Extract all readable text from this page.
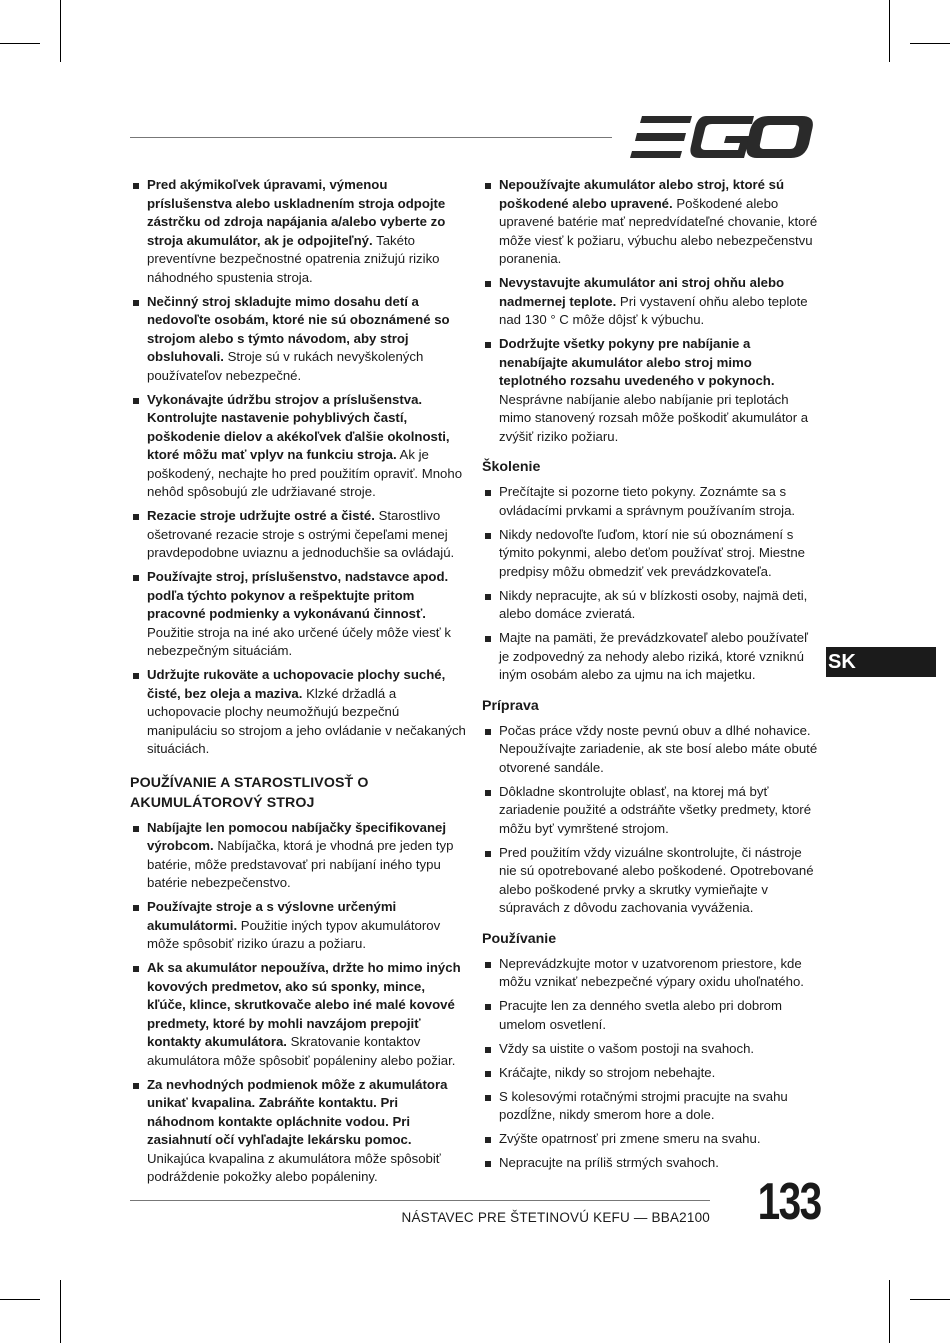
Pred akýmikoľvek úpravami, výmenou príslušenstva alebo uskladnením stroja odpojte zástrčku od zdroja napájania a/alebo vyberte zo stroja akumulátor, ak je odpojiteľný. Takéto preventívne bezpečnostné opatrenia znižujú riziko náhodného spustenia stroja.
Nečinný stroj skladujte mimo dosahu detí a nedovoľte osobám, ktoré nie sú oboznámené so strojom alebo s týmto návodom, aby stroj obsluhovali. Stroje sú v rukách nevyškolených používateľov nebezpečné.
Vykonávajte údržbu strojov a príslušenstva. Kontrolujte nastavenie pohyblivých častí, poškodenie dielov a akékoľvek ďalšie okolnosti, ktoré môžu mať vplyv na funkciu stroja. Ak je poškodený, nechajte ho pred použitím opraviť. Mnoho nehôd spôsobujú zle udržiavané stroje.
Rezacie stroje udržujte ostré a čisté. Starostlivo ošetrované rezacie stroje s ostrými čepeľami menej pravdepodobne uviaznu a jednoduchšie sa ovládajú.
Používajte stroj, príslušenstvo, nadstavce apod. podľa týchto pokynov a rešpektujte pritom pracovné podmienky a vykonávanú činnosť. Použitie stroja na iné ako určené účely môže viesť k nebezpečným situáciám.
Udržujte rukoväte a uchopovacie plochy suché, čisté, bez oleja a maziva. Klzké držadlá a uchopovacie plochy neumožňujú bezpečnú manipuláciu so strojom a jeho ovládanie v nečakaných situáciách.
POUŽÍVANIE A STAROSTLIVOSŤ O AKUMULÁTOROVÝ STROJ
Nabíjajte len pomocou nabíjačky špecifikovanej výrobcom. Nabíjačka, ktorá je vhodná pre jeden typ batérie, môže predstavovať pri nabíjaní iného typu batérie nebezpečenstvo.
Používajte stroje a s výslovne určenými akumulátormi. Použitie iných typov akumulátorov môže spôsobiť riziko úrazu a požiaru.
Ak sa akumulátor nepoužíva, držte ho mimo iných kovových predmetov, ako sú sponky, mince, kľúče, klince, skrutkovače alebo iné malé kovové predmety, ktoré by mohli navzájom prepojiť kontakty akumulátora. Skratovanie kontaktov akumulátora môže spôsobiť popáleniny alebo požiar.
Za nevhodných podmienok môže z akumulátora unikať kvapalina. Zabráňte kontaktu. Pri náhodnom kontakte opláchnite vodou. Pri zasiahnutí očí vyhľadajte lekársku pomoc. Unikajúca kvapalina z akumulátora môže spôsobiť podráždenie pokožky alebo popáleniny.
Nepoužívajte akumulátor alebo stroj, ktoré sú poškodené alebo upravené. Poškodené alebo upravené batérie mať nepredvídateľné chovanie, ktoré môže viesť k požiaru, výbuchu alebo nebezpečenstvu poranenia.
Nevystavujte akumulátor ani stroj ohňu alebo nadmernej teplote. Pri vystavení ohňu alebo teplote nad 130 ° C môže dôjsť k výbuchu.
Dodržujte všetky pokyny pre nabíjanie a nenabíjajte akumulátor alebo stroj mimo teplotného rozsahu uvedeného v pokynoch. Nesprávne nabíjanie alebo nabíjanie pri teplotách mimo stanovený rozsah môže poškodiť akumulátor a zvýšiť riziko požiaru.
Školenie
Prečítajte si pozorne tieto pokyny. Zoznámte sa s ovládacími prvkami a správnym používaním stroja.
Nikdy nedovoľte ľuďom, ktorí nie sú oboznámení s týmito pokynmi, alebo deťom používať stroj. Miestne predpisy môžu obmedziť vek prevádzkovateľa.
Nikdy nepracujte, ak sú v blízkosti osoby, najmä deti, alebo domáce zvieratá.
Majte na pamäti, že prevádzkovateľ alebo používateľ je zodpovedný za nehody alebo riziká, ktoré vzniknú iným osobám alebo za ujmu na ich majetku.
Príprava
Počas práce vždy noste pevnú obuv a dlhé nohavice. Nepoužívajte zariadenie, ak ste bosí alebo máte obuté otvorené sandále.
Dôkladne skontrolujte oblasť, na ktorej má byť zariadenie použité a odstráňte všetky predmety, ktoré môžu byť vymrštené strojom.
Pred použitím vždy vizuálne skontrolujte, či nástroje nie sú opotrebované alebo poškodené. Opotrebované alebo poškodené prvky a skrutky vymieňajte v súpravách z dôvodu zachovania vyváženia.
Používanie
Neprevádzkujte motor v uzatvorenom priestore, kde môžu vznikať nebezpečné výpary oxidu uhoľnatého.
Pracujte len za denného svetla alebo pri dobrom umelom osvetlení.
Vždy sa uistite o vašom postoji na svahoch.
Kráčajte, nikdy so strojom nebehajte.
S kolesovými rotačnými strojmi pracujte na svahu pozdĺžne, nikdy smerom hore a dole.
Zvýšte opatrnosť pri zmene smeru na svahu.
Nepracujte na príliš strmých svahoch.
SK
NÁSTAVEC PRE ŠTETINOVÚ KEFU — BBA2100 133
